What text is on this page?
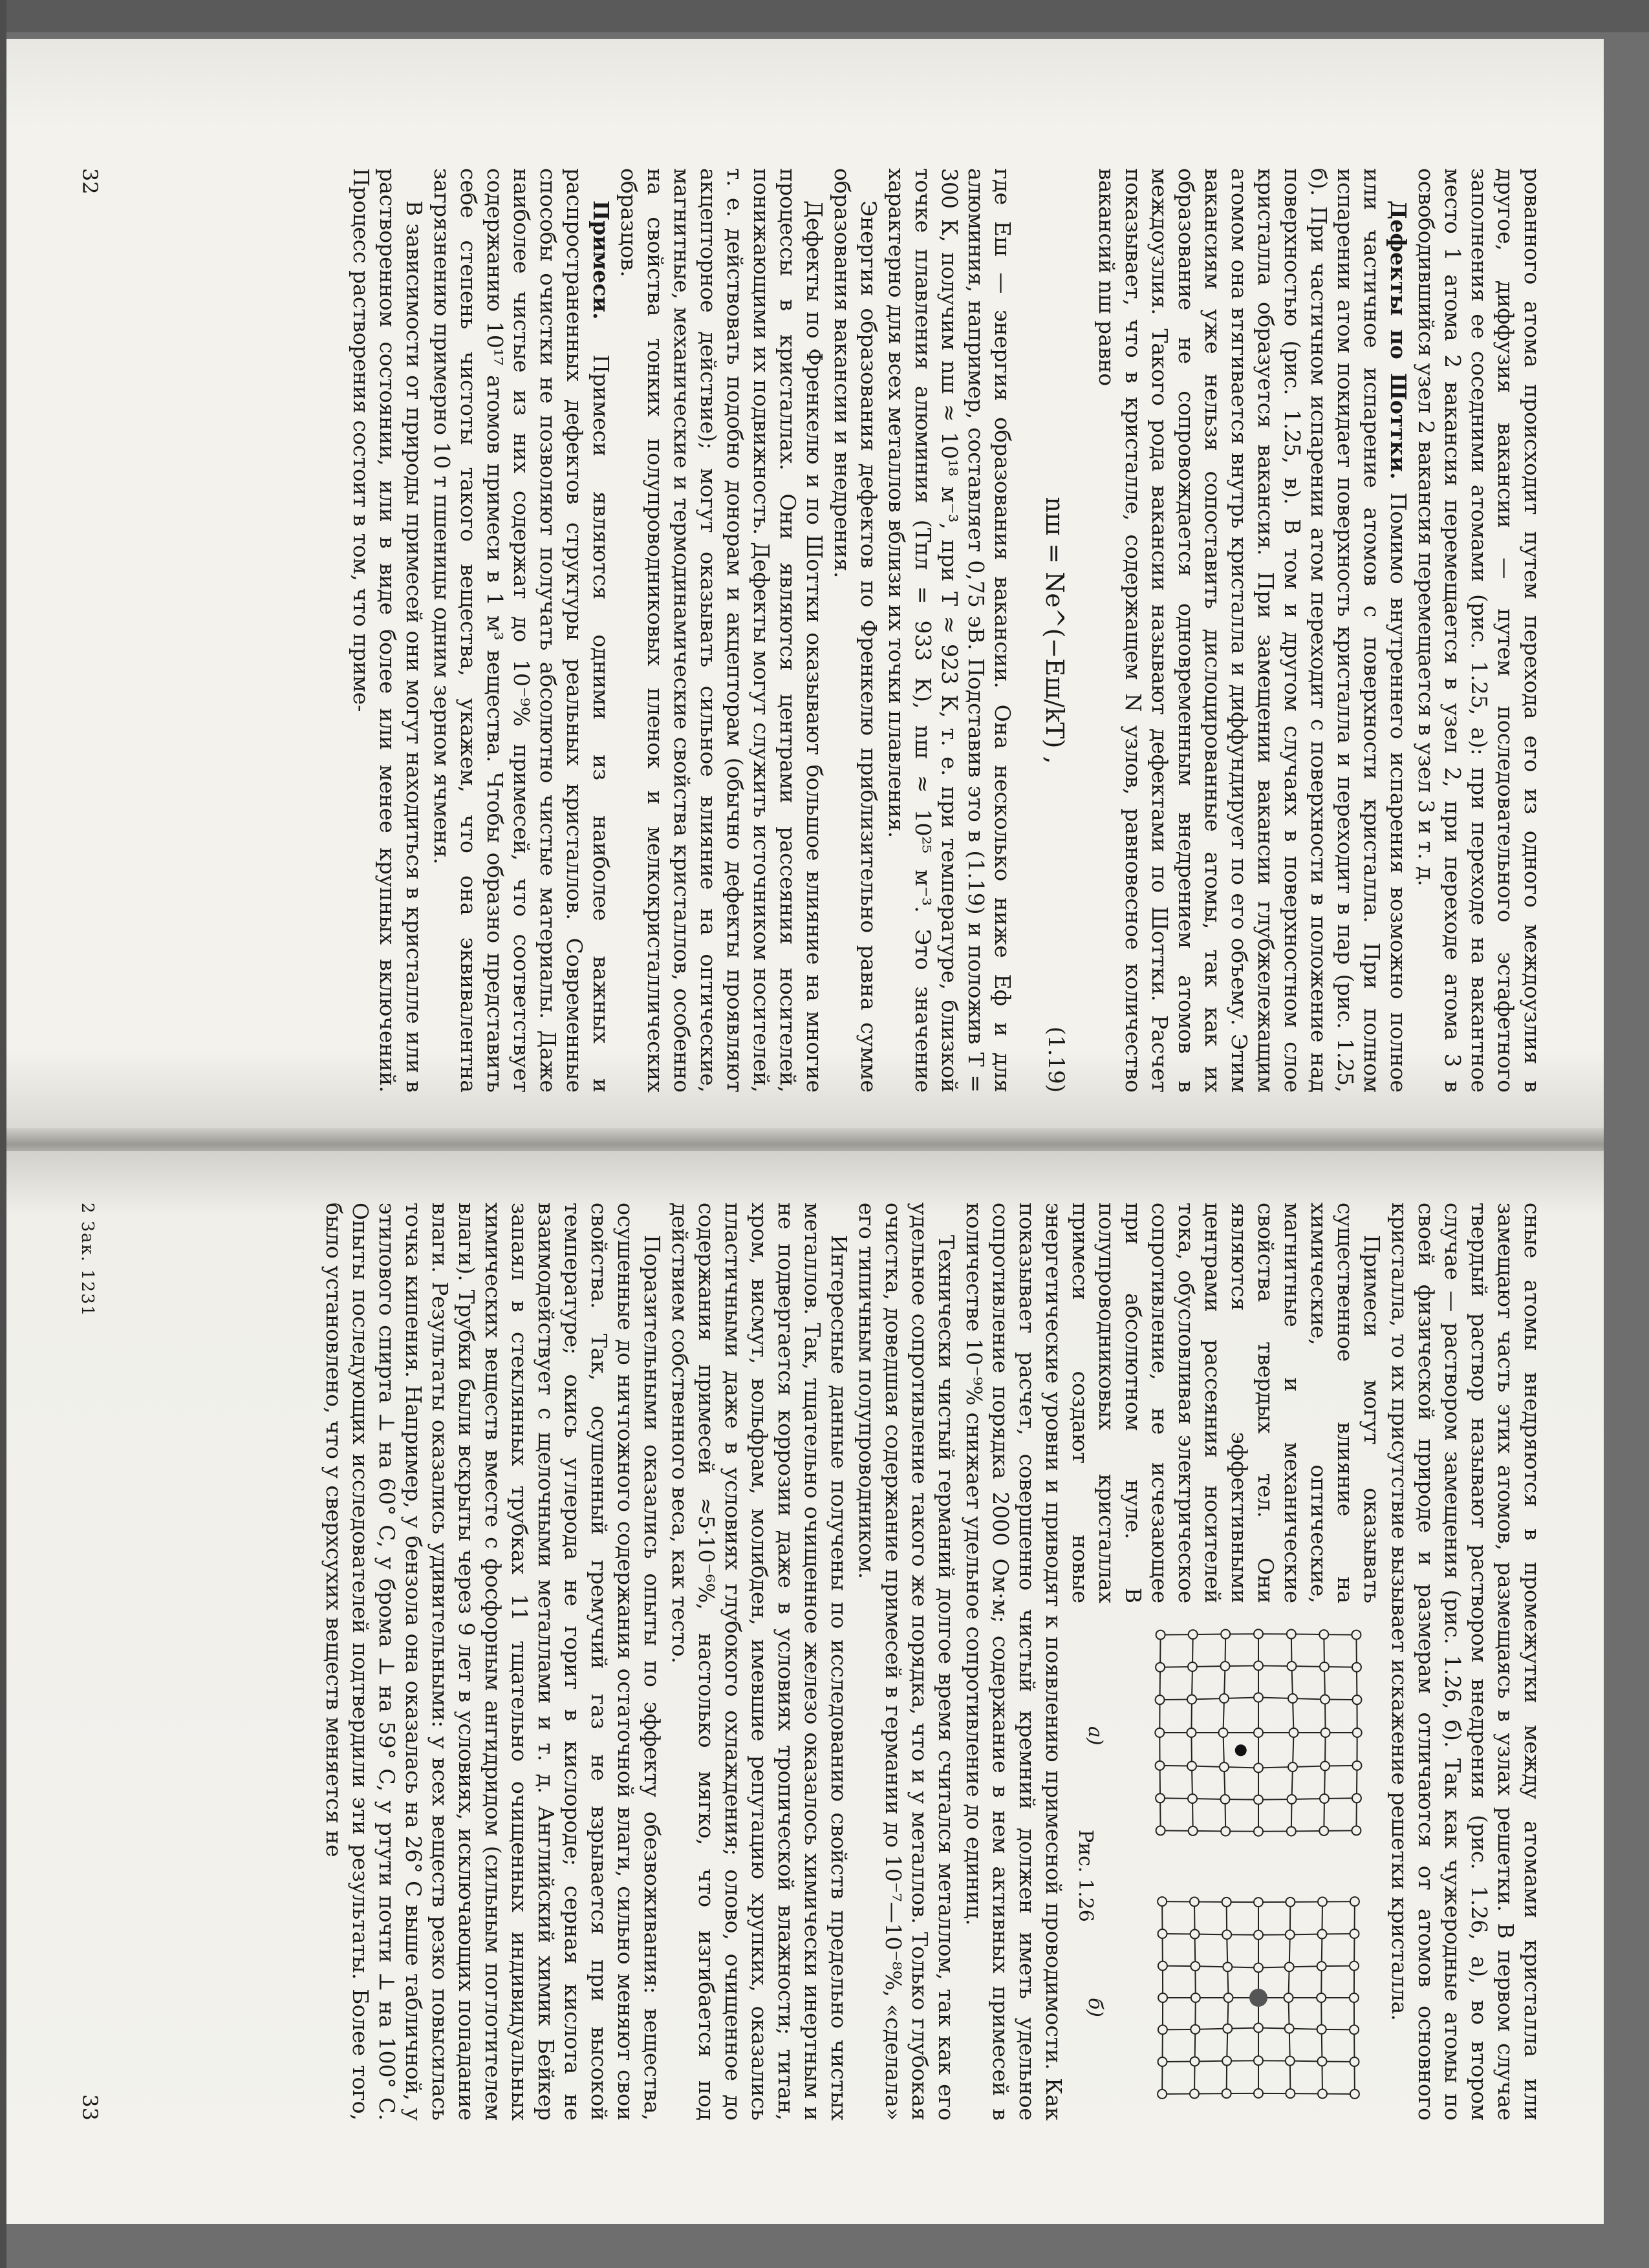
рованного атома происходит путем перехода его из одного междоузлия в другое, диффузия вакансии — путем последовательного эстафетного заполнения ее соседними атомами (рис. 1.25, а): при переходе на вакантное место 1 атома 2 вакансия перемещается в узел 2, при переходе атома 3 в освободившийся узел 2 вакансия перемещается в узел 3 и т. д.

Дефекты по Шоттки. Помимо внутреннего испарения возможно полное или частичное испарение атомов с поверхности кристалла. При полном испарении атом покидает поверхность кристалла и переходит в пар (рис. 1.25, б). При частичном испарении атом переходит с поверхности в положение над поверхностью (рис. 1.25, в). В том и другом случаях в поверхностном слое кристалла образуется вакансия. При замещении вакансии глубжележащим атомом она втягивается внутрь кристалла и диффундирует по его объему. Этим вакансиям уже нельзя сопоставить дислоцированные атомы, так как их образование не сопровождается одновременным внедрением атомов в междоузлия. Такого рода вакансии называют дефектами по Шоттки. Расчет показывает, что в кристалле, содержащем N узлов, равновесное количество вакансий nш равно

nш = Ne^(−Eш/kT) ,
(1.19)

где Eш — энергия образования вакансии. Она несколько ниже Eф и для алюминия, например, составляет 0,75 эВ. Подставив это в (1.19) и положив T = 300 К, получим nш ≈ 10¹⁸ м⁻³, при T ≈ 923 К, т. е. при температуре, близкой точке плавления алюминия (Tпл = 933 К), nш ≈ 10²⁵ м⁻³. Это значение характерно для всех металлов вблизи их точки плавления.

Энергия образования дефектов по Френкелю приблизительно равна сумме образования вакансии и внедрения.

Дефекты по Френкелю и по Шоттки оказывают большое влияние на многие процессы в кристаллах. Они являются центрами рассеяния носителей, понижающими их подвижность. Дефекты могут служить источником носителей, т. е. действовать подобно донорам и акцепторам (обычно дефекты проявляют акцепторное действие); могут оказывать сильное влияние на оптические, магнитные, механические и термодинамические свойства кристаллов, особенно на свойства тонких полупроводниковых пленок и мелкокристаллических образцов.

Примеси. Примеси являются одними из наиболее важных и распространенных дефектов структуры реальных кристаллов. Современные способы очистки не позволяют получать абсолютно чистые материалы. Даже наиболее чистые из них содержат до 10⁻⁹% примесей, что соответствует содержанию 10¹⁷ атомов примеси в 1 м³ вещества. Чтобы образно представить себе степень чистоты такого вещества, укажем, что она эквивалентна загрязнению примерно 10 т пшеницы одним зерном ячменя.

В зависимости от природы примесей они могут находиться в кристалле или в растворенном состоянии, или в виде более или менее крупных включений. Процесс растворения состоит в том, что приме-

32

сные атомы внедряются в промежутки между атомами кристалла или замещают часть этих атомов, размещаясь в узлах решетки. В первом случае твердый раствор называют раствором внедрения (рис. 1.26, а), во втором случае — раствором замещения (рис. 1.26, б). Так как чужеродные атомы по своей физической природе и размерам отличаются от атомов основного кристалла, то их присутствие вызывает искажение решетки кристалла.

а)
б)
Рис. 1.26

Примеси могут оказывать существенное влияние на химические, оптические, магнитные и механические свойства твердых тел. Они являются эффективными центрами рассеяния носителей тока, обусловливая электрическое сопротивление, не исчезающее при абсолютном нуле. В полупроводниковых кристаллах примеси создают новые энергетические уровни и приводят к появлению примесной проводимости. Как показывает расчет, совершенно чистый кремний должен иметь удельное сопротивление порядка 2000 Ом·м; содержание в нем активных примесей в количестве 10⁻⁹% снижает удельное сопротивление до единиц.

Технически чистый германий долгое время считался металлом, так как его удельное сопротивление такого же порядка, что и у металлов. Только глубокая очистка, доведшая содержание примесей в германии до 10⁻⁷—10⁻⁸%, «сделала» его типичным полупроводником.

Интересные данные получены по исследованию свойств предельно чистых металлов. Так, тщательно очищенное железо оказалось химически инертным и не подвергается коррозии даже в условиях тропической влажности; титан, хром, висмут, вольфрам, молибден, имевшие репутацию хрупких, оказались пластичными даже в условиях глубокого охлаждения; олово, очищенное до содержания примесей ≈5·10⁻⁶%, настолько мягко, что изгибается под действием собственного веса, как тесто.

Поразительными оказались опыты по эффекту обезвоживания: вещества, осушенные до ничтожного содержания остаточной влаги, сильно меняют свои свойства. Так, осушенный гремучий газ не взрывается при высокой температуре; окись углерода не горит в кислороде; серная кислота не взаимодействует с щелочными металлами и т. д. Английский химик Бейкер запаял в стеклянных трубках 11 тщательно очищенных индивидуальных химических веществ вместе с фосфорным ангидридом (сильным поглотителем влаги). Трубки были вскрыты через 9 лет в условиях, исключающих попадание влаги. Результаты оказались удивительными: у всех веществ резко повысилась точка кипения. Например, у бензола она оказалась на 26° С выше табличной, у этилового спирта ⊥ на 60° С, у брома ⊥ на 59° С, у ртути почти ⊥ на 100° С. Опыты последующих исследователей подтвердили эти результаты. Более того, было установлено, что у сверхсухих веществ меняется не

2 Зак. 1231
33
